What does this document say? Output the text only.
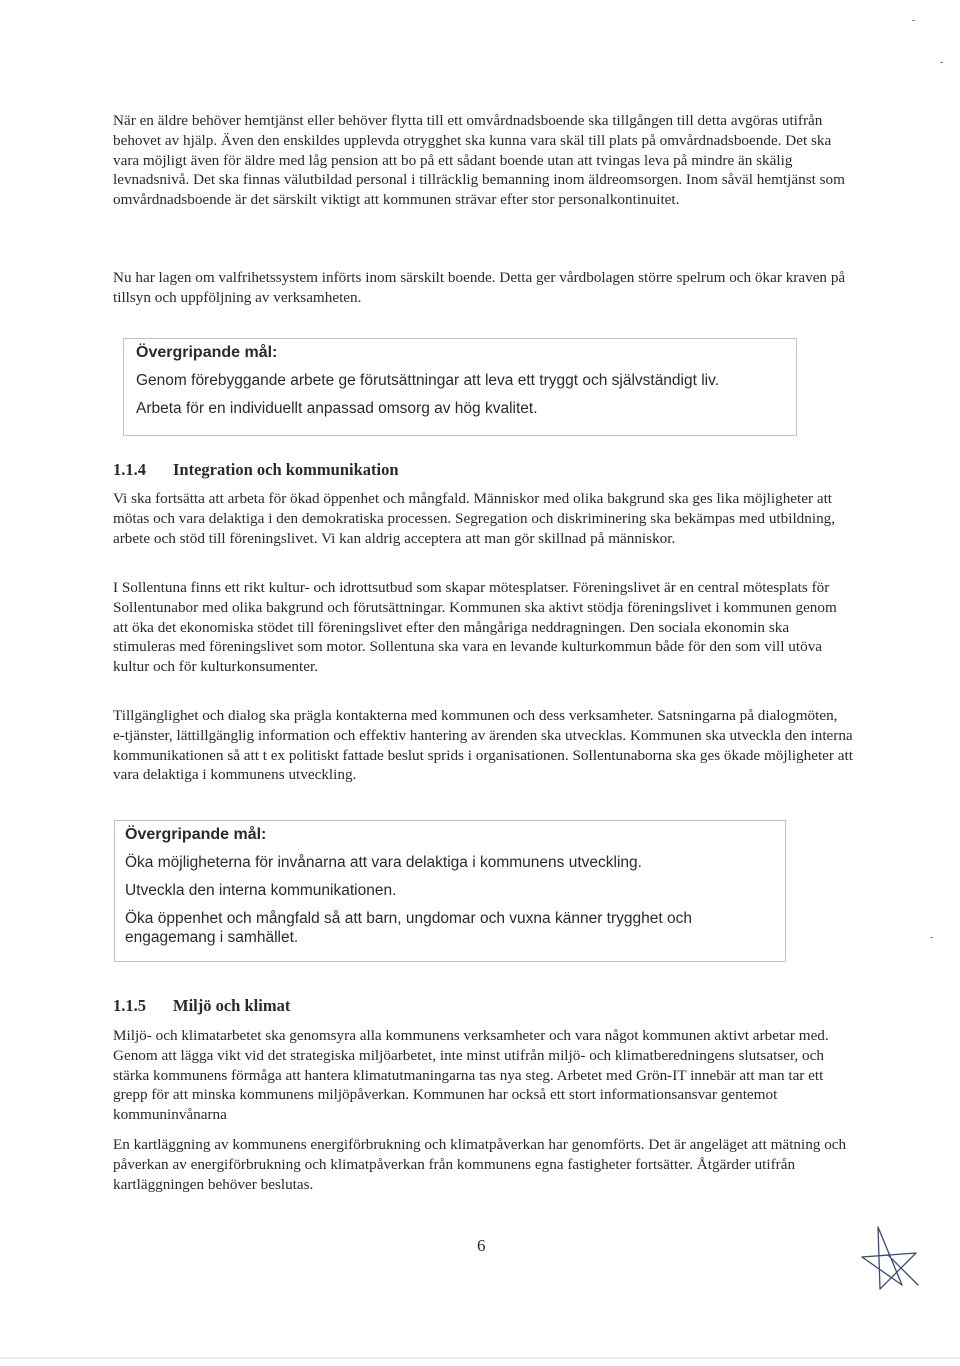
När en äldre behöver hemtjänst eller behöver flytta till ett omvårdnadsboende ska tillgången till detta avgöras utifrån behovet av hjälp. Även den enskildes upplevda otrygghet ska kunna vara skäl till plats på omvårdnadsboende. Det ska vara möjligt även för äldre med låg pension att bo på ett sådant boende utan att tvingas leva på mindre än skälig levnadsnivå. Det ska finnas välutbildad personal i tillräcklig bemanning inom äldreomsorgen. Inom såväl hemtjänst som omvårdnadsboende är det särskilt viktigt att kommunen strävar efter stor personalkontinuitet.

Nu har lagen om valfrihetssystem införts inom särskilt boende. Detta ger vårdbolagen större spelrum och ökar kraven på tillsyn och uppföljning av verksamheten.

Övergripande mål:

Genom förebyggande arbete ge förutsättningar att leva ett tryggt och självständigt liv.

Arbeta för en individuellt anpassad omsorg av hög kvalitet.

1.1.4 Integration och kommunikation

Vi ska fortsätta att arbeta för ökad öppenhet och mångfald. Människor med olika bakgrund ska ges lika möjligheter att mötas och vara delaktiga i den demokratiska processen. Segregation och diskriminering ska bekämpas med utbildning, arbete och stöd till föreningslivet. Vi kan aldrig acceptera att man gör skillnad på människor.

I Sollentuna finns ett rikt kultur- och idrottsutbud som skapar mötesplatser. Föreningslivet är en central mötesplats för Sollentunabor med olika bakgrund och förutsättningar. Kommunen ska aktivt stödja föreningslivet i kommunen genom att öka det ekonomiska stödet till föreningslivet efter den mångåriga neddragningen. Den sociala ekonomin ska stimuleras med föreningslivet som motor. Sollentuna ska vara en levande kulturkommun både för den som vill utöva kultur och för kulturkonsumenter.

Tillgänglighet och dialog ska prägla kontakterna med kommunen och dess verksamheter. Satsningarna på dialogmöten, e-tjänster, lättillgänglig information och effektiv hantering av ärenden ska utvecklas. Kommunen ska utveckla den interna kommunikationen så att t ex politiskt fattade beslut sprids i organisationen. Sollentunaborna ska ges ökade möjligheter att vara delaktiga i kommunens utveckling.

Övergripande mål:

Öka möjligheterna för invånarna att vara delaktiga i kommunens utveckling.

Utveckla den interna kommunikationen.

Öka öppenhet och mångfald så att barn, ungdomar och vuxna känner trygghet och engagemang i samhället.

1.1.5 Miljö och klimat

Miljö- och klimatarbetet ska genomsyra alla kommunens verksamheter och vara något kommunen aktivt arbetar med. Genom att lägga vikt vid det strategiska miljöarbetet, inte minst utifrån miljö- och klimatberedningens slutsatser, och stärka kommunens förmåga att hantera klimatutmaningarna tas nya steg. Arbetet med Grön-IT innebär att man tar ett grepp för att minska kommunens miljöpåverkan. Kommunen har också ett stort informationsansvar gentemot kommuninvånarna

En kartläggning av kommunens energiförbrukning och klimatpåverkan har genomförts. Det är angeläget att mätning och påverkan av energiförbrukning och klimatpåverkan från kommunens egna fastigheter fortsätter. Åtgärder utifrån kartläggningen behöver beslutas.

6
